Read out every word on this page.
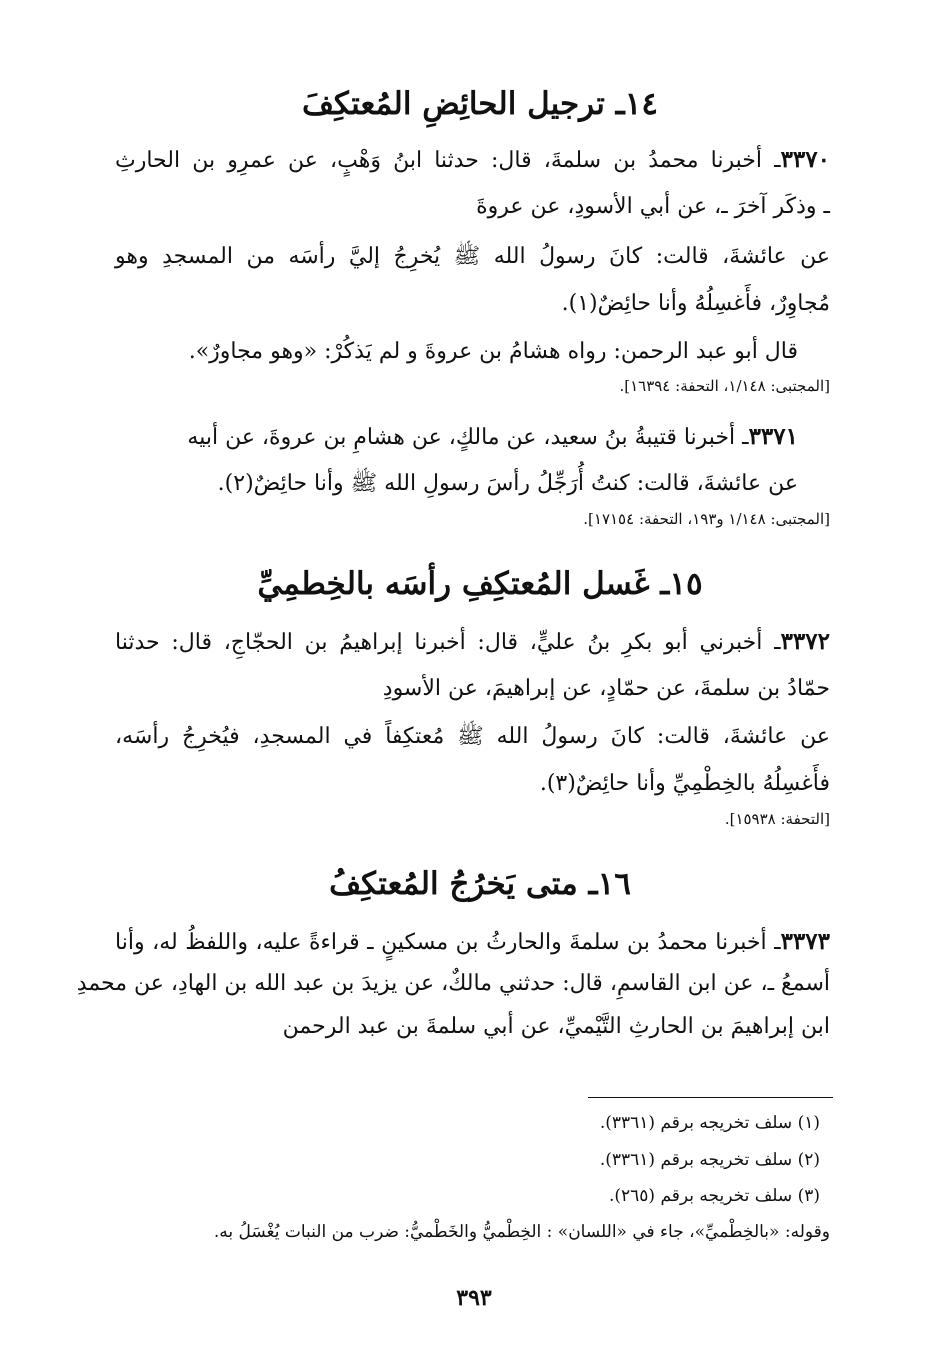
١٤ـ ترجيل الحائِضِ المُعتكِفَ
٣٣٧٠ـ أخبرنا محمدُ بن سلمةَ، قال: حدثنا ابنُ وَهْبٍ، عن عمرِو بن الحارثِ
ـ وذكَر آخرَ ـ، عن أبي الأسودِ، عن عروةَ
عن عائشةَ، قالت: كانَ رسولُ الله ﷺ يُخرِجُ إليَّ رأسَه من المسجدِ وهو
مُجاوِرٌ، فأَغسِلُهُ وأنا حائِضٌ(١).
قال أبو عبد الرحمن: رواه هشامُ بن عروةَ و لم يَذكُرْ: «وهو مجاورٌ».
[المجتبى: ١/١٤٨، التحفة: ١٦٣٩٤].
٣٣٧١ـ أخبرنا قتيبةُ بنُ سعيد، عن مالكٍ، عن هشامِ بن عروةَ، عن أبيه
عن عائشةَ، قالت: كنتُ أُرَجِّلُ رأسَ رسولِ الله ﷺ وأنا حائِضٌ(٢).
[المجتبى: ١/١٤٨ و١٩٣، التحفة: ١٧١٥٤].
١٥ـ غَسل المُعتكِفِ رأسَه بالخِطمِيِّ
٣٣٧٢ـ أخبرني أبو بكرِ بنُ عليٍّ، قال: أخبرنا إبراهيمُ بن الحجّاجِ، قال: حدثنا
حمّادُ بن سلمةَ، عن حمّادٍ، عن إبراهيمَ، عن الأسودِ
عن عائشةَ، قالت: كانَ رسولُ الله ﷺ مُعتكِفاً في المسجدِ، فيُخرِجُ رأسَه،
فأَغسِلُهُ بالخِطْمِيِّ وأنا حائِضٌ(٣).
[التحفة: ١٥٩٣٨].
١٦ـ متى يَخرُجُ المُعتكِفُ
٣٣٧٣ـ أخبرنا محمدُ بن سلمةَ والحارثُ بن مسكينٍ ـ قراءةً عليه، واللفظُ له، وأنا
أسمعُ ـ، عن ابن القاسمِ، قال: حدثني مالكٌ، عن يزيدَ بن عبد الله بن الهادِ، عن محمدِ
ابن إبراهيمَ بن الحارثِ التَّيْميِّ، عن أبي سلمةَ بن عبد الرحمن
(١) سلف تخريجه برقم (٣٣٦١).
(٢) سلف تخريجه برقم (٣٣٦١).
(٣) سلف تخريجه برقم (٢٦٥).
وقوله: «بالخِطْميِّ»، جاء في «اللسان» : الخِطْميُّ والخَطْميُّ: ضرب من النبات يُغْسَلُ به.
٣٩٣
